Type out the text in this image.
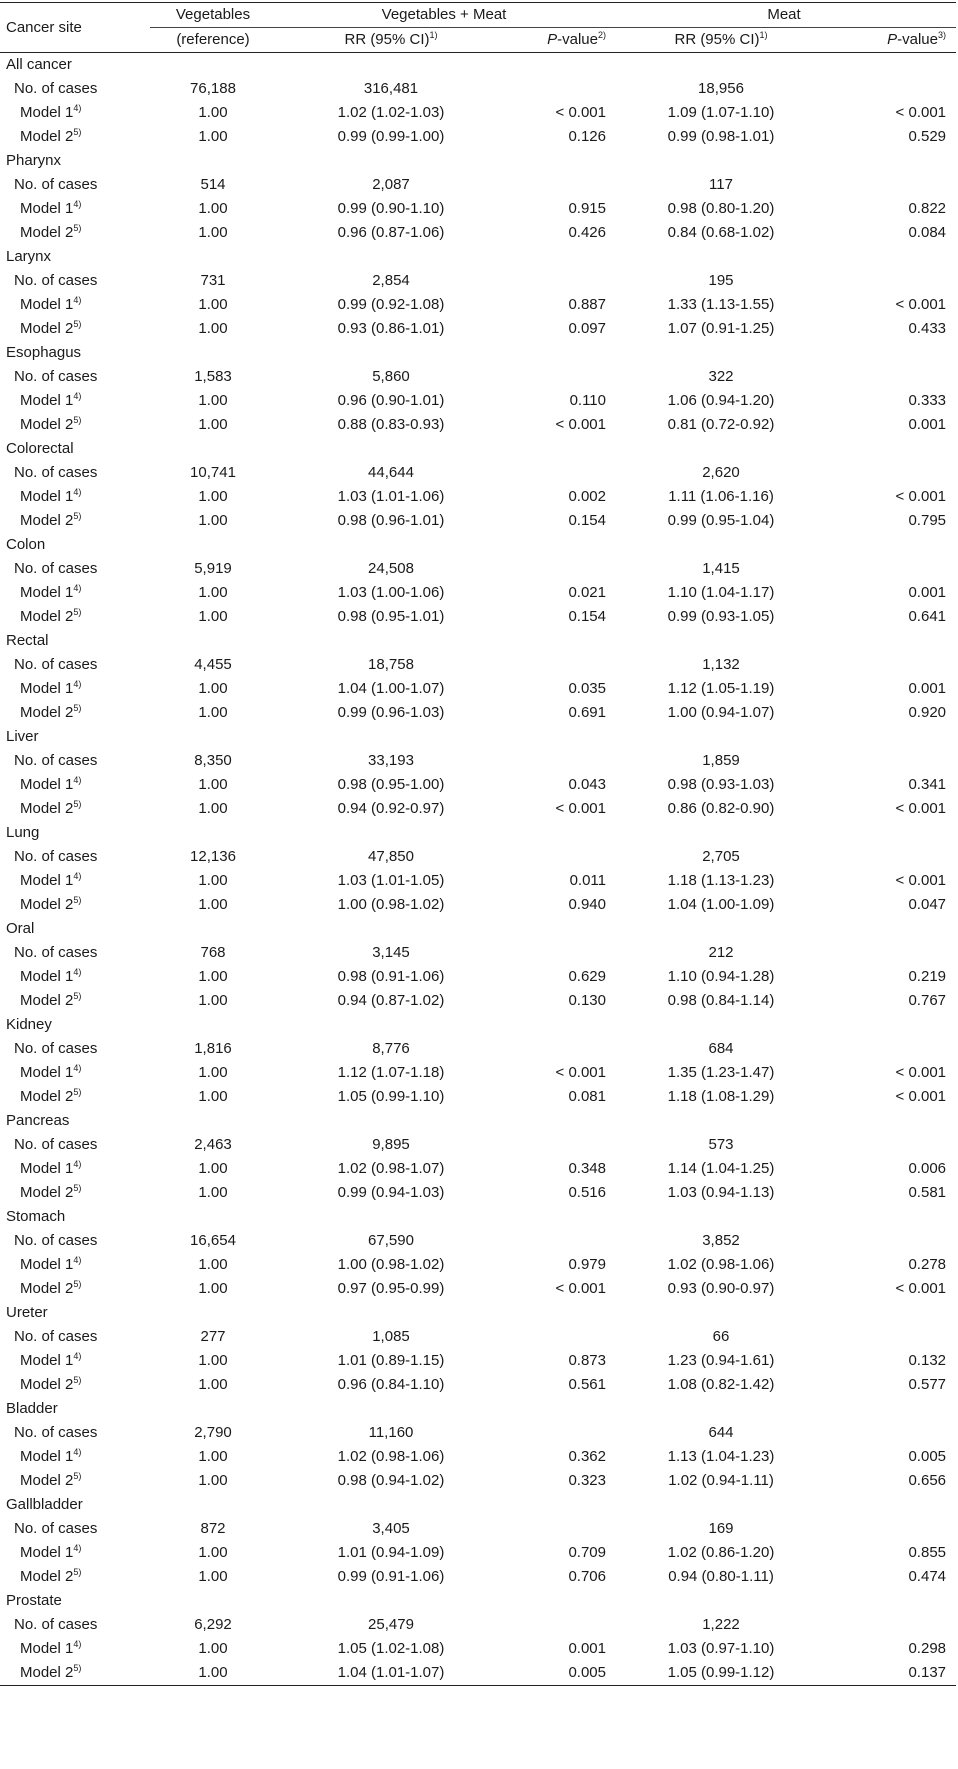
Cancer site	Vegetables	Vegetables + Meat		Meat	
	(reference)	RR (95% CI)$^{1)}$	P-value$^{2)}$	RR (95% CI)$^{1)}$	P-value$^{3)}$
All cancer					
No. of cases	76,188	316,481		18,956	
Model 1$^{4)}$	1.00	1.02 (1.02-1.03)	< 0.001	1.09 (1.07-1.10)	< 0.001
Model 2$^{5)}$	1.00	0.99 (0.99-1.00)	0.126	0.99 (0.98-1.01)	0.529
Pharynx					
No. of cases	514	2,087		117	
Model 1$^{4)}$	1.00	0.99 (0.90-1.10)	0.915	0.98 (0.80-1.20)	0.822
Model 2$^{5)}$	1.00	0.96 (0.87-1.06)	0.426	0.84 (0.68-1.02)	0.084
Larynx					
No. of cases	731	2,854		195	
Model 1$^{4)}$	1.00	0.99 (0.92-1.08)	0.887	1.33 (1.13-1.55)	< 0.001
Model 2$^{5)}$	1.00	0.93 (0.86-1.01)	0.097	1.07 (0.91-1.25)	0.433
Esophagus					
No. of cases	1,583	5,860		322	
Model 1$^{4)}$	1.00	0.96 (0.90-1.01)	0.110	1.06 (0.94-1.20)	0.333
Model 2$^{5)}$	1.00	0.88 (0.83-0.93)	< 0.001	0.81 (0.72-0.92)	0.001
Colorectal					
No. of cases	10,741	44,644		2,620	
Model 1$^{4)}$	1.00	1.03 (1.01-1.06)	0.002	1.11 (1.06-1.16)	< 0.001
Model 2$^{5)}$	1.00	0.98 (0.96-1.01)	0.154	0.99 (0.95-1.04)	0.795
Colon					
No. of cases	5,919	24,508		1,415	
Model 1$^{4)}$	1.00	1.03 (1.00-1.06)	0.021	1.10 (1.04-1.17)	0.001
Model 2$^{5)}$	1.00	0.98 (0.95-1.01)	0.154	0.99 (0.93-1.05)	0.641
Rectal					
No. of cases	4,455	18,758		1,132	
Model 1$^{4)}$	1.00	1.04 (1.00-1.07)	0.035	1.12 (1.05-1.19)	0.001
Model 2$^{5)}$	1.00	0.99 (0.96-1.03)	0.691	1.00 (0.94-1.07)	0.920
Liver					
No. of cases	8,350	33,193		1,859	
Model 1$^{4)}$	1.00	0.98 (0.95-1.00)	0.043	0.98 (0.93-1.03)	0.341
Model 2$^{5)}$	1.00	0.94 (0.92-0.97)	< 0.001	0.86 (0.82-0.90)	< 0.001
Lung					
No. of cases	12,136	47,850		2,705	
Model 1$^{4)}$	1.00	1.03 (1.01-1.05)	0.011	1.18 (1.13-1.23)	< 0.001
Model 2$^{5)}$	1.00	1.00 (0.98-1.02)	0.940	1.04 (1.00-1.09)	0.047
Oral					
No. of cases	768	3,145		212	
Model 1$^{4)}$	1.00	0.98 (0.91-1.06)	0.629	1.10 (0.94-1.28)	0.219
Model 2$^{5)}$	1.00	0.94 (0.87-1.02)	0.130	0.98 (0.84-1.14)	0.767
Kidney					
No. of cases	1,816	8,776		684	
Model 1$^{4)}$	1.00	1.12 (1.07-1.18)	< 0.001	1.35 (1.23-1.47)	< 0.001
Model 2$^{5)}$	1.00	1.05 (0.99-1.10)	0.081	1.18 (1.08-1.29)	< 0.001
Pancreas					
No. of cases	2,463	9,895		573	
Model 1$^{4)}$	1.00	1.02 (0.98-1.07)	0.348	1.14 (1.04-1.25)	0.006
Model 2$^{5)}$	1.00	0.99 (0.94-1.03)	0.516	1.03 (0.94-1.13)	0.581
Stomach					
No. of cases	16,654	67,590		3,852	
Model 1$^{4)}$	1.00	1.00 (0.98-1.02)	0.979	1.02 (0.98-1.06)	0.278
Model 2$^{5)}$	1.00	0.97 (0.95-0.99)	< 0.001	0.93 (0.90-0.97)	< 0.001
Ureter					
No. of cases	277	1,085		66	
Model 1$^{4)}$	1.00	1.01 (0.89-1.15)	0.873	1.23 (0.94-1.61)	0.132
Model 2$^{5)}$	1.00	0.96 (0.84-1.10)	0.561	1.08 (0.82-1.42)	0.577
Bladder					
No. of cases	2,790	11,160		644	
Model 1$^{4)}$	1.00	1.02 (0.98-1.06)	0.362	1.13 (1.04-1.23)	0.005
Model 2$^{5)}$	1.00	0.98 (0.94-1.02)	0.323	1.02 (0.94-1.11)	0.656
Gallbladder					
No. of cases	872	3,405		169	
Model 1$^{4)}$	1.00	1.01 (0.94-1.09)	0.709	1.02 (0.86-1.20)	0.855
Model 2$^{5)}$	1.00	0.99 (0.91-1.06)	0.706	0.94 (0.80-1.11)	0.474
Prostate					
No. of cases	6,292	25,479		1,222	
Model 1$^{4)}$	1.00	1.05 (1.02-1.08)	0.001	1.03 (0.97-1.10)	0.298
Model 2$^{5)}$	1.00	1.04 (1.01-1.07)	0.005	1.05 (0.99-1.12)	0.137
